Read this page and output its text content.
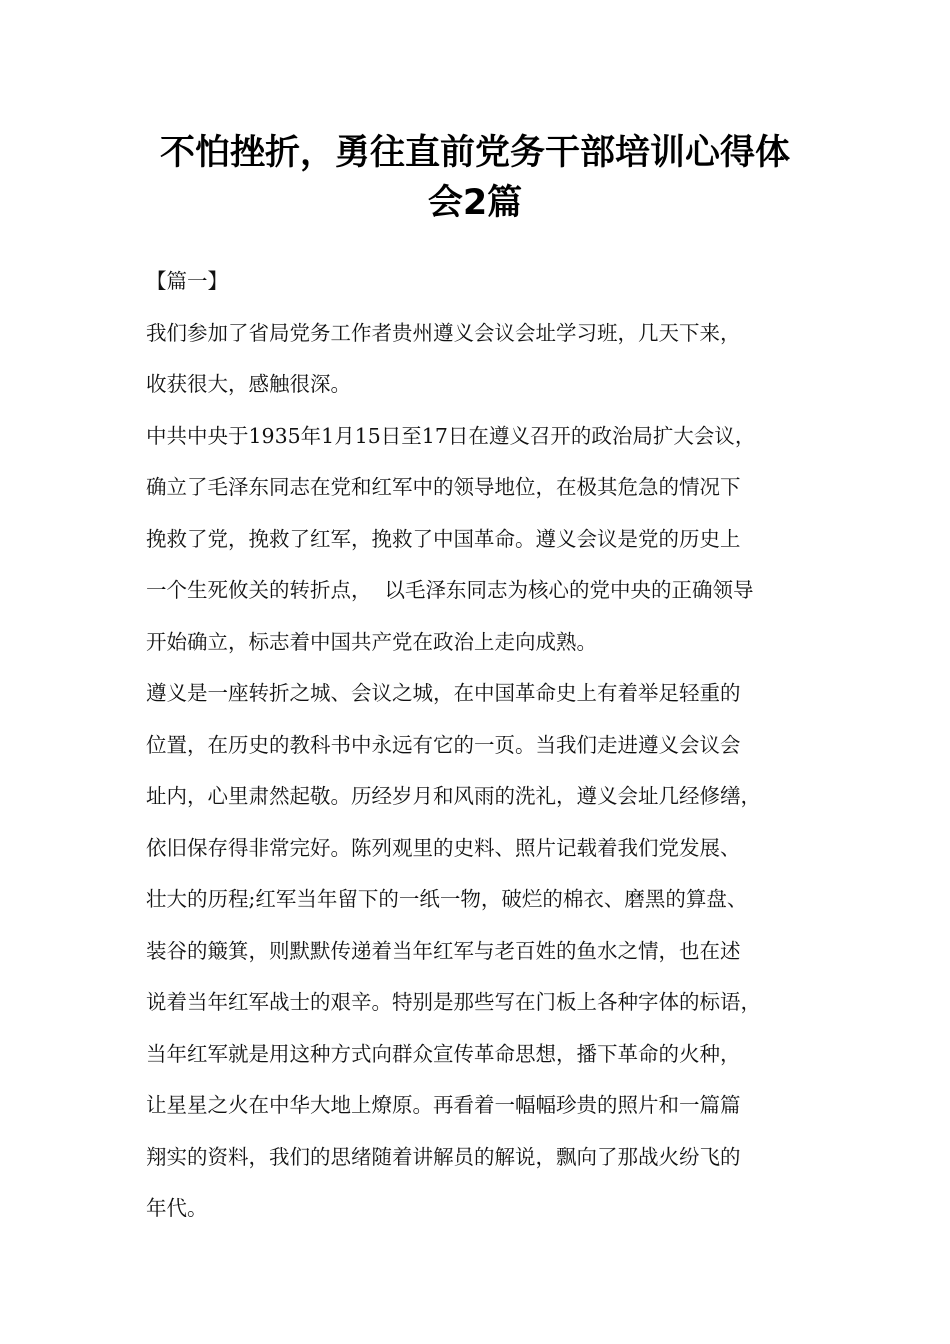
不怕挫折，勇往直前党务干部培训心得体
会2篇
【篇一】
我们参加了省局党务工作者贵州遵义会议会址学习班，几天下来，
收获很大，感触很深。
中共中央于1935年1月15日至17日在遵义召开的政治局扩大会议，
确立了毛泽东同志在党和红军中的领导地位，在极其危急的情况下
挽救了党，挽救了红军，挽救了中国革命。遵义会议是党的历史上
一个生死攸关的转折点，  以毛泽东同志为核心的党中央的正确领导
开始确立，标志着中国共产党在政治上走向成熟。
遵义是一座转折之城、会议之城，在中国革命史上有着举足轻重的
位置，在历史的教科书中永远有它的一页。当我们走进遵义会议会
址内，心里肃然起敬。历经岁月和风雨的洗礼，遵义会址几经修缮，
依旧保存得非常完好。陈列观里的史料、照片记载着我们党发展、
壮大的历程;红军当年留下的一纸一物，破烂的棉衣、磨黑的算盘、
装谷的簸箕，则默默传递着当年红军与老百姓的鱼水之情，也在述
说着当年红军战士的艰辛。特别是那些写在门板上各种字体的标语，
当年红军就是用这种方式向群众宣传革命思想，播下革命的火种，
让星星之火在中华大地上燎原。再看着一幅幅珍贵的照片和一篇篇
翔实的资料，我们的思绪随着讲解员的解说，飘向了那战火纷飞的
年代。
